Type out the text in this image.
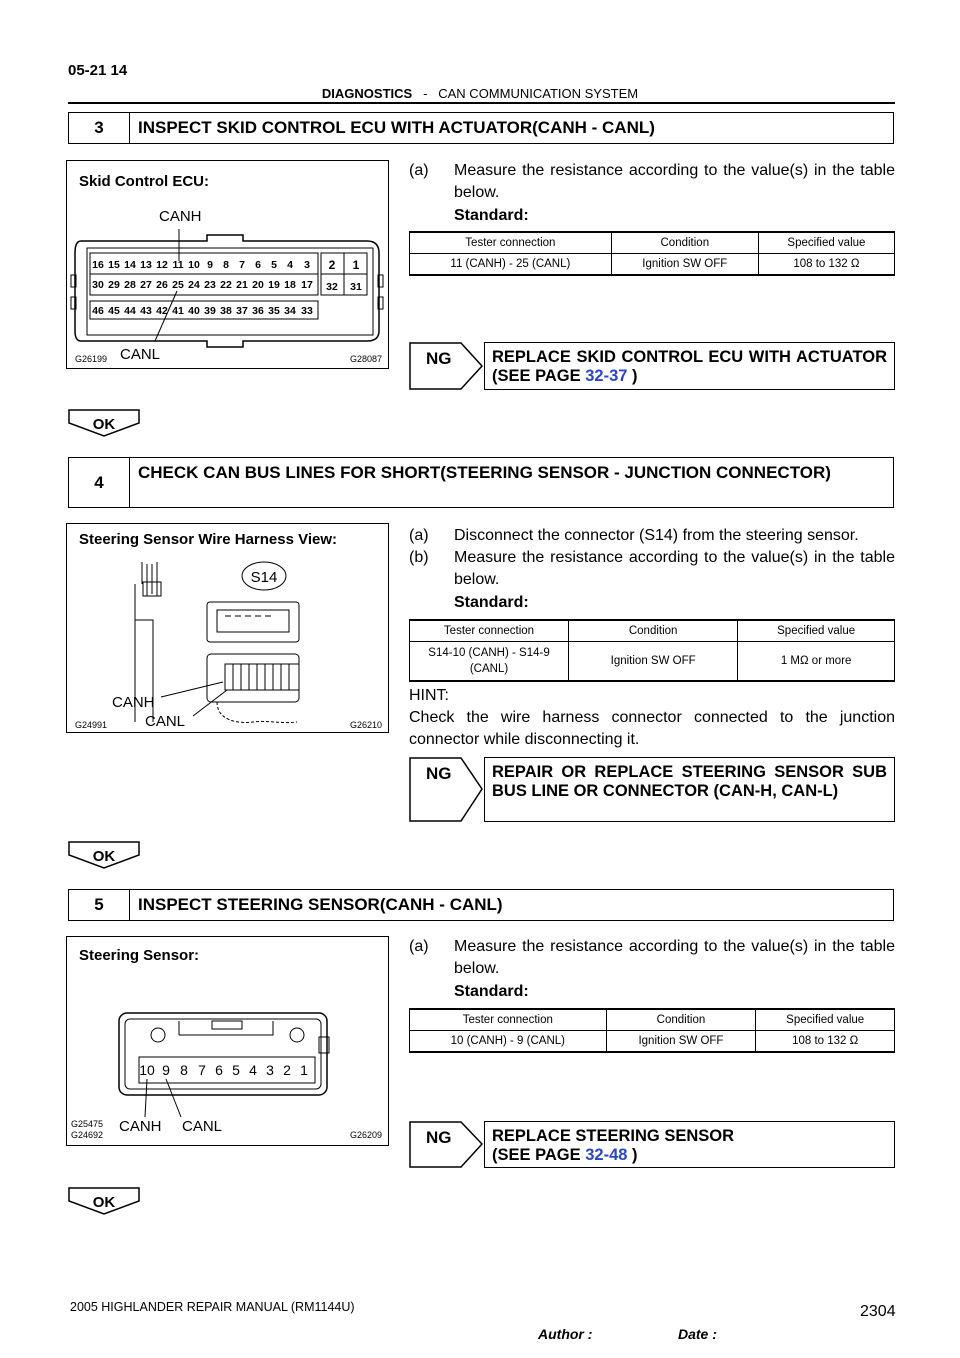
05-21 14
DIAGNOSTICS - CAN COMMUNICATION SYSTEM
3	INSPECT SKID CONTROL ECU WITH ACTUATOR(CANH - CANL)
Skid Control ECU:
16 15 14 13 12 11 10 9 8 7 6 5 4 3
30 29 28 27 26 25 24 23 22 21 20 19 18 17
46 45 44 43 42 41 40 39 38 37 36 35 34 33
2 1
32 31
CANH
CANL
G26199	G28087
(a) Measure the resistance according to the value(s) in the table below.
Standard:
Tester connection	Condition	Specified value
11 (CANH) - 25 (CANL)	Ignition SW OFF	108 to 132 Ω
NG REPLACE SKID CONTROL ECU WITH ACTUATOR (SEE PAGE 32-37 )
OK
4	CHECK CAN BUS LINES FOR SHORT(STEERING SENSOR - JUNCTION CONNECTOR)
Steering Sensor Wire Harness View:
S14
CANH
CANL
G24991	G26210
(a) Disconnect the connector (S14) from the steering sensor.
(b) Measure the resistance according to the value(s) in the table below.
Standard:
Tester connection	Condition	Specified value
S14-10 (CANH) - S14-9 (CANL)	Ignition SW OFF	1 MΩ or more
HINT:
Check the wire harness connector connected to the junction connector while disconnecting it.
NG	REPAIR OR REPLACE STEERING SENSOR SUB BUS LINE OR CONNECTOR (CAN-H, CAN-L)
OK
5	INSPECT STEERING SENSOR(CANH - CANL)
Steering Sensor:
10 9 8 7 6 5 4 3 2 1
CANH CANL
G25475
G24692	G26209
(a) Measure the resistance according to the value(s) in the table below.
Standard:
Tester connection	Condition	Specified value
10 (CANH) - 9 (CANL)	Ignition SW OFF	108 to 132 Ω
NG	REPLACE STEERING SENSOR (SEE PAGE 32-48 )
OK
2005 HIGHLANDER REPAIR MANUAL (RM1144U)	2304
Author :	Date :
